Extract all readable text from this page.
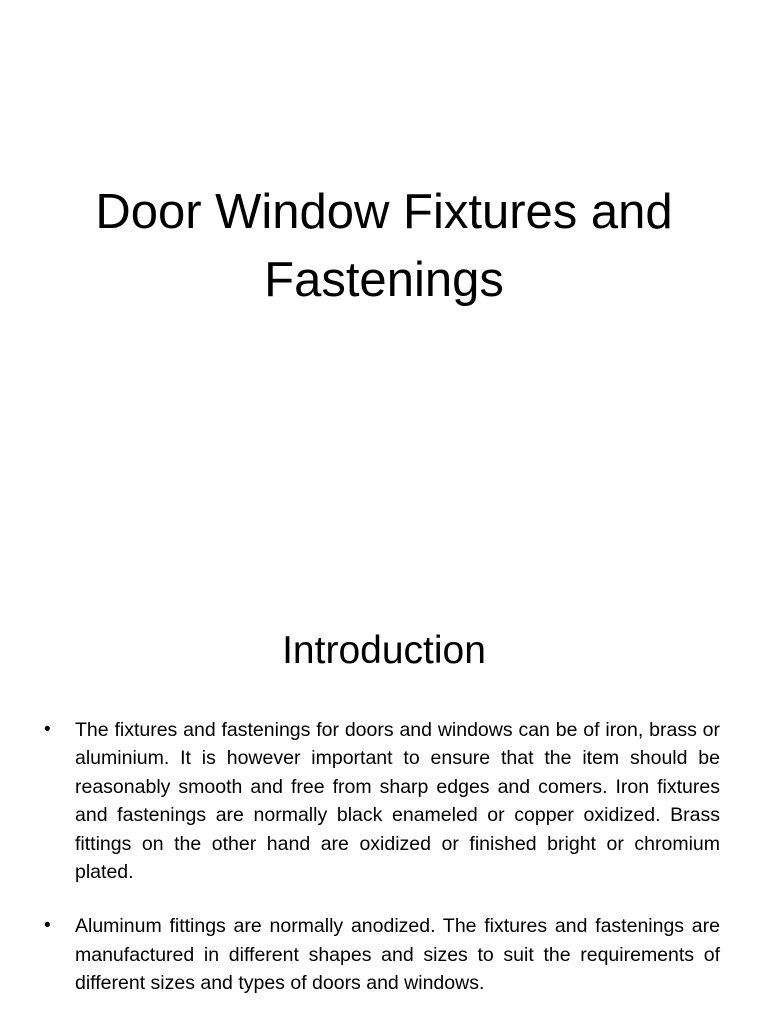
Door Window Fixtures and Fastenings
Introduction
•	The fixtures and fastenings for doors and windows can be of iron, brass or aluminium. It is however important to ensure that the item should be reasonably smooth and free from sharp edges and comers. Iron fixtures and fastenings are normally black enameled or copper oxidized. Brass fittings on the other hand are oxidized or finished bright or chromium plated.
•	Aluminum fittings are normally anodized. The fixtures and fastenings are manufactured in different shapes and sizes to suit the requirements of different sizes and types of doors and windows.
